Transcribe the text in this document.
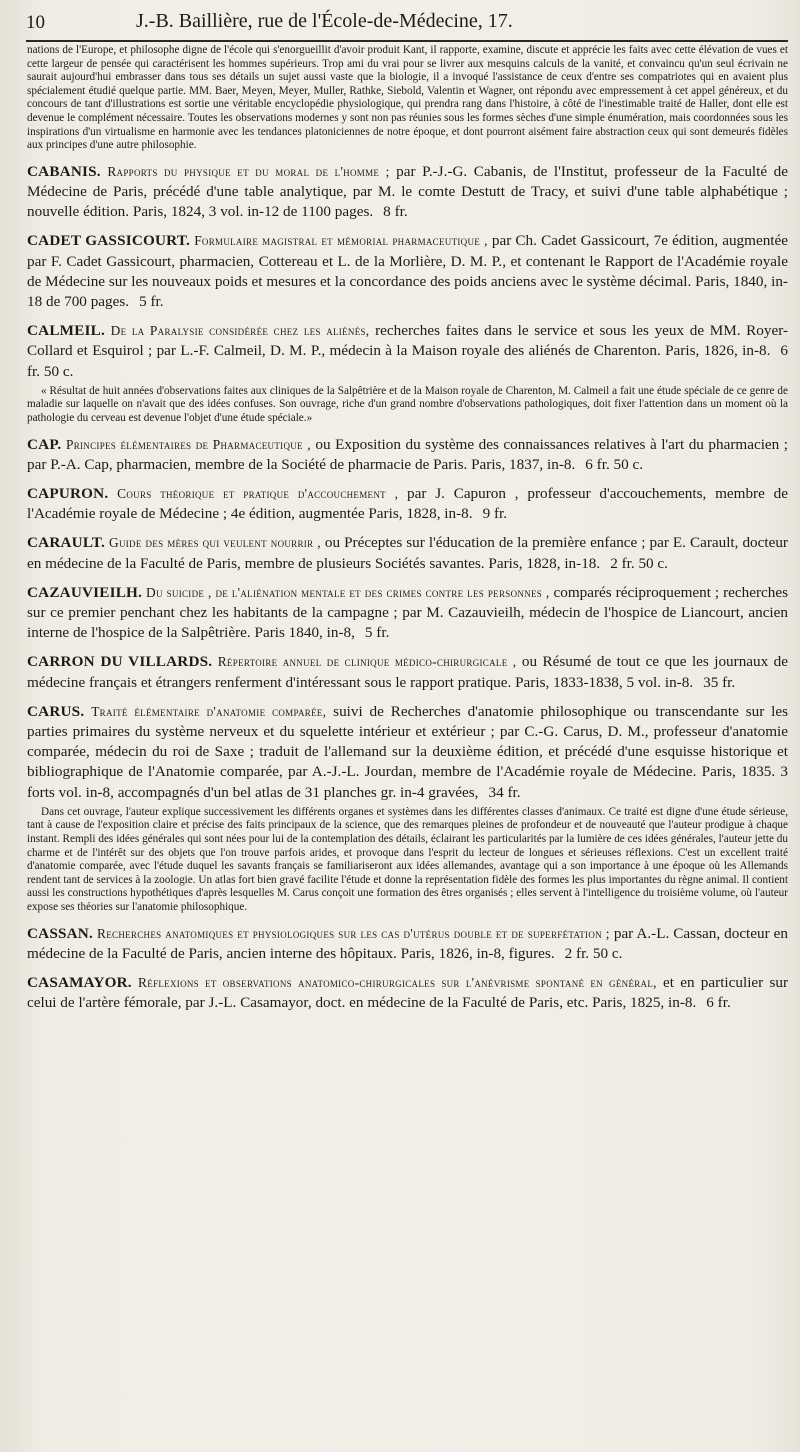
10	J.-B. Baillière, rue de l'École-de-Médecine, 17.

nations de l'Europe, et philosophe digne de l'école qui s'enorgueillit d'avoir produit Kant, il rapporte, examine, discute et apprécie les faits avec cette élévation de vues et cette largeur de pensée qui caractérisent les hommes supérieurs. Trop ami du vrai pour se livrer aux mesquins calculs de la vanité, et convaincu qu'un seul écrivain ne saurait aujourd'hui embrasser dans tous ses détails un sujet aussi vaste que la biologie, il a invoqué l'assistance de ceux d'entre ses compatriotes qui en avaient plus spécialement étudié quelque partie. MM. Baer, Meyen, Meyer, Muller, Rathke, Siebold, Valentin et Wagner, ont répondu avec empressement à cet appel généreux, et du concours de tant d'illustrations est sortie une véritable encyclopédie physiologique, qui prendra rang dans l'histoire, à côté de l'inestimable traité de Haller, dont elle est devenue le complément nécessaire. Toutes les observations modernes y sont non pas réunies sous les formes sèches d'une simple énumération, mais coordonnées sous les inspirations d'un virtualisme en harmonie avec les tendances platoniciennes de notre époque, et dont pourront aisément faire abstraction ceux qui sont demeurés fidèles aux principes d'une autre philosophie.

CABANIS. Rapports du physique et du moral de l'homme ; par P.-J.-G. Cabanis, de l'Institut, professeur de la Faculté de Médecine de Paris, précédé d'une table analytique, par M. le comte Destutt de Tracy, et suivi d'une table alphabétique ; nouvelle édition. Paris, 1824, 3 vol. in-12 de 1100 pages. 8 fr.

CADET GASSICOURT. Formulaire magistral et mémorial pharmaceutique , par Ch. Cadet Gassicourt, 7e édition, augmentée par F. Cadet Gassicourt, pharmacien, Cottereau et L. de la Morlière, D. M. P., et contenant le Rapport de l'Académie royale de Médecine sur les nouveaux poids et mesures et la concordance des poids anciens avec le système décimal. Paris, 1840, in-18 de 700 pages. 5 fr.

CALMEIL. De la Paralysie considérée chez les aliénés, recherches faites dans le service et sous les yeux de MM. Royer-Collard et Esquirol ; par L.-F. Calmeil, D. M. P., médecin à la Maison royale des aliénés de Charenton. Paris, 1826, in-8. 6 fr. 50 c.

« Résultat de huit années d'observations faites aux cliniques de la Salpêtrière et de la Maison royale de Charenton, M. Calmeil a fait une étude spéciale de ce genre de maladie sur laquelle on n'avait que des idées confuses. Son ouvrage, riche d'un grand nombre d'observations pathologiques, doit fixer l'attention dans un moment où la pathologie du cerveau est devenue l'objet d'une étude spéciale.»

CAP. Principes élémentaires de Pharmaceutique , ou Exposition du système des connaissances relatives à l'art du pharmacien ; par P.-A. Cap, pharmacien, membre de la Société de pharmacie de Paris. Paris, 1837, in-8. 6 fr. 50 c.

CAPURON. Cours théorique et pratique d'accouchement , par J. Capuron , professeur d'accouchements, membre de l'Académie royale de Médecine ; 4e édition, augmentée Paris, 1828, in-8. 9 fr.

CARAULT. Guide des mères qui veulent nourrir , ou Préceptes sur l'éducation de la première enfance ; par E. Carault, docteur en médecine de la Faculté de Paris, membre de plusieurs Sociétés savantes. Paris, 1828, in-18. 2 fr. 50 c.

CAZAUVIEILH. Du suicide , de l'aliénation mentale et des crimes contre les personnes , comparés réciproquement ; recherches sur ce premier penchant chez les habitants de la campagne ; par M. Cazauvieilh, médecin de l'hospice de Liancourt, ancien interne de l'hospice de la Salpêtrière. Paris 1840, in-8, 5 fr.

CARRON DU VILLARDS. Répertoire annuel de clinique médico-chirurgicale , ou Résumé de tout ce que les journaux de médecine français et étrangers renferment d'intéressant sous le rapport pratique. Paris, 1833-1838, 5 vol. in-8. 35 fr.

CARUS. Traité élémentaire d'anatomie comparée, suivi de Recherches d'anatomie philosophique ou transcendante sur les parties primaires du système nerveux et du squelette intérieur et extérieur ; par C.-G. Carus, D. M., professeur d'anatomie comparée, médecin du roi de Saxe ; traduit de l'allemand sur la deuxième édition, et précédé d'une esquisse historique et bibliographique de l'Anatomie comparée, par A.-J.-L. Jourdan, membre de l'Académie royale de Médecine. Paris, 1835. 3 forts vol. in-8, accompagnés d'un bel atlas de 31 planches gr. in-4 gravées, 34 fr.

Dans cet ouvrage, l'auteur explique successivement les différents organes et systèmes dans les différentes classes d'animaux. Ce traité est digne d'une étude sérieuse, tant à cause de l'exposition claire et précise des faits principaux de la science, que des remarques pleines de profondeur et de nouveauté que l'auteur prodigue à chaque instant. Rempli des idées générales qui sont nées pour lui de la contemplation des détails, éclairant les particularités par la lumière de ces idées générales, l'auteur jette du charme et de l'intérêt sur des objets que l'on trouve parfois arides, et provoque dans l'esprit du lecteur de longues et sérieuses réflexions. C'est un excellent traité d'anatomie comparée, avec l'étude duquel les savants français se familiariseront aux idées allemandes, avantage qui a son importance à une époque où les Allemands rendent tant de services à la zoologie. Un atlas fort bien gravé facilite l'étude et donne la représentation fidèle des formes les plus importantes du règne animal. Il contient aussi les constructions hypothétiques d'après lesquelles M. Carus conçoit une formation des êtres organisés ; elles servent à l'intelligence du troisième volume, où l'auteur expose ses théories sur l'anatomie philosophique.

CASSAN. Recherches anatomiques et physiologiques sur les cas d'utérus double et de superfétation ; par A.-L. Cassan, docteur en médecine de la Faculté de Paris, ancien interne des hôpitaux. Paris, 1826, in-8, figures. 2 fr. 50 c.

CASAMAYOR. Réflexions et observations anatomico-chirurgicales sur l'anévrisme spontané en général, et en particulier sur celui de l'artère fémorale, par J.-L. Casamayor, doct. en médecine de la Faculté de Paris, etc. Paris, 1825, in-8. 6 fr.
